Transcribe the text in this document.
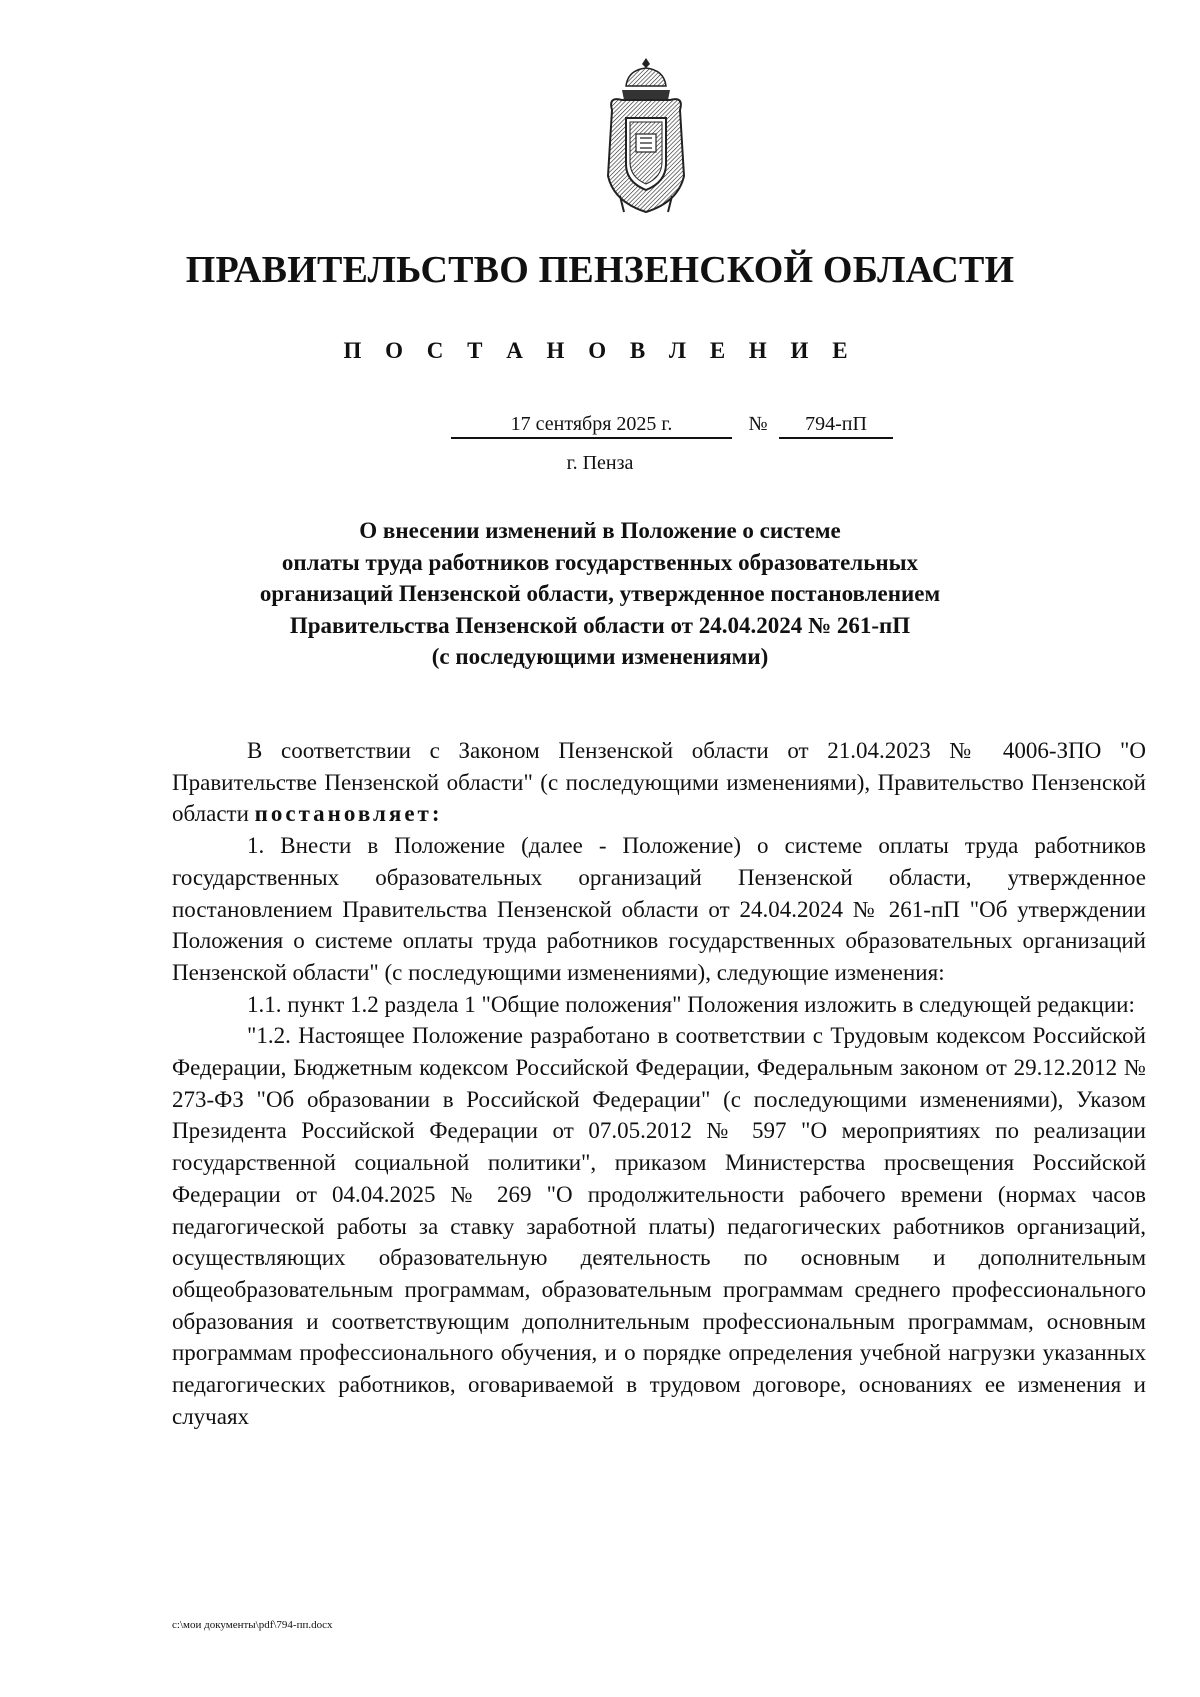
ПРАВИТЕЛЬСТВО ПЕНЗЕНСКОЙ ОБЛАСТИ
П О С Т А Н О В Л Е Н И Е
17 сентября 2025 г.	№	794-пП
г. Пенза
О внесении изменений в Положение о системе
оплаты труда работников государственных образовательных
организаций Пензенской области, утвержденное постановлением
Правительства Пензенской области от 24.04.2024 № 261-пП
(с последующими изменениями)

В соответствии с Законом Пензенской области от 21.04.2023 № 4006-ЗПО "О Правительстве Пензенской области" (с последующими изменениями), Правительство Пензенской области постановляет:

1. Внести в Положение (далее - Положение) о системе оплаты труда работников государственных образовательных организаций Пензенской области, утвержденное постановлением Правительства Пензенской области от 24.04.2024 № 261-пП "Об утверждении Положения о системе оплаты труда работников государственных образовательных организаций Пензенской области" (с последующими изменениями), следующие изменения:

1.1. пункт 1.2 раздела 1 "Общие положения" Положения изложить в следующей редакции:

"1.2. Настоящее Положение разработано в соответствии с Трудовым кодексом Российской Федерации, Бюджетным кодексом Российской Федерации, Федеральным законом от 29.12.2012 № 273-ФЗ "Об образовании в Российской Федерации" (с последующими изменениями), Указом Президента Российской Федерации от 07.05.2012 № 597 "О мероприятиях по реализации государственной социальной политики", приказом Министерства просвещения Российской Федерации от 04.04.2025 № 269 "О продолжительности рабочего времени (нормах часов педагогической работы за ставку заработной платы) педагогических работников организаций, осуществляющих образовательную деятельность по основным и дополнительным общеобразовательным программам, образовательным программам среднего профессионального образования и соответствующим дополнительным профессиональным программам, основным программам профессионального обучения, и о порядке определения учебной нагрузки указанных педагогических работников, оговариваемой в трудовом договоре, основаниях ее изменения и случаях

c:\мои документы\pdf\794-пп.docx
